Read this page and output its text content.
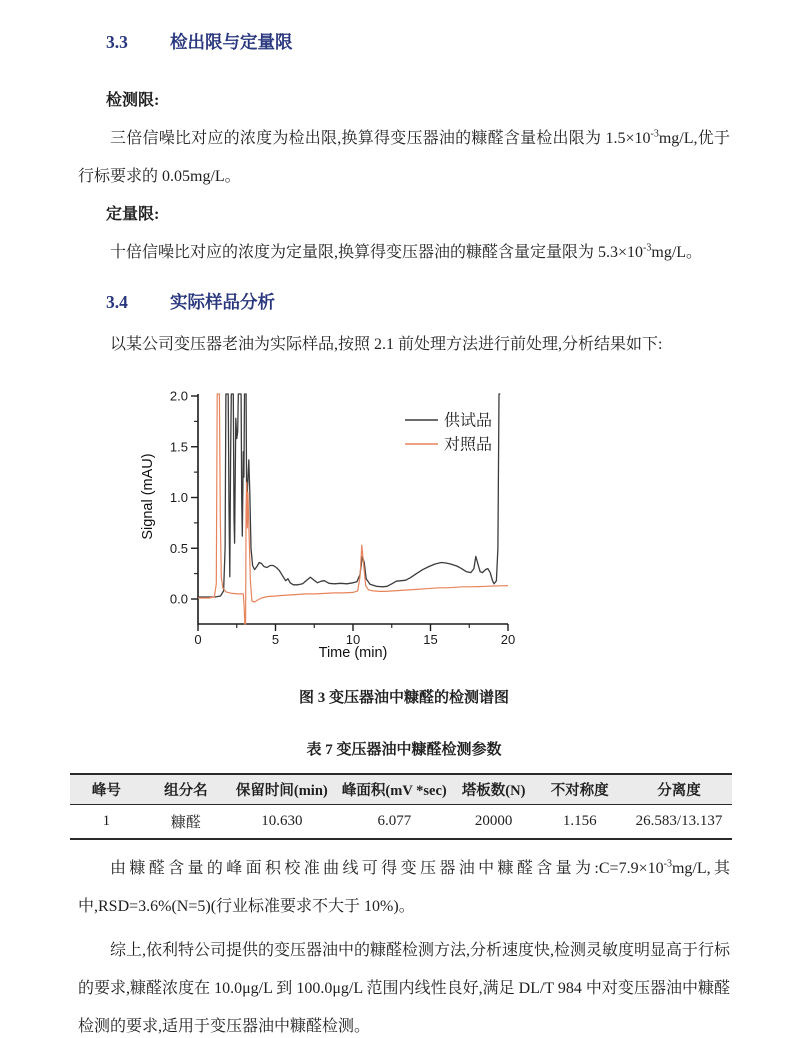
3.3 检出限与定量限

检测限:

三倍信噪比对应的浓度为检出限,换算得变压器油的糠醛含量检出限为 $1.5\times 10^{-3}mg/L$,优于行标要求的 0.05mg/L。

定量限:

十倍信噪比对应的浓度为定量限,换算得变压器油的糠醛含量定量限为 $5.3\times 10^{-3}mg/L$。

3.4 实际样品分析

以某公司变压器老油为实际样品,按照 2.1 前处理方法进行前处理,分析结果如下:

0.0
0.5
1.0
1.5
2.0
0	5	10	15	20
Signal (mAU)
Time (min)
供试品
对照品

图 3 变压器油中糠醛的检测谱图

表 7 变压器油中糠醛检测参数

峰号	组分名	保留时间(min)	峰面积(mV *sec)	塔板数(N)	不对称度	分离度
1	糠醛	10.630	6.077	20000	1.156	26.583/13.137

由糠醛含量的峰面积校准曲线可得变压器油中糠醛含量为$:C=7.9\times 10^{-3}mg/L$,其中,RSD=3.6%(N=5)(行业标准要求不大于 10%)。

综上,依利特公司提供的变压器油中的糠醛检测方法,分析速度快,检测灵敏度明显高于行标的要求,糠醛浓度在 10.0μg/L 到 100.0μg/L 范围内线性良好,满足 DL/T 984 中对变压器油中糠醛检测的要求,适用于变压器油中糠醛检测。
